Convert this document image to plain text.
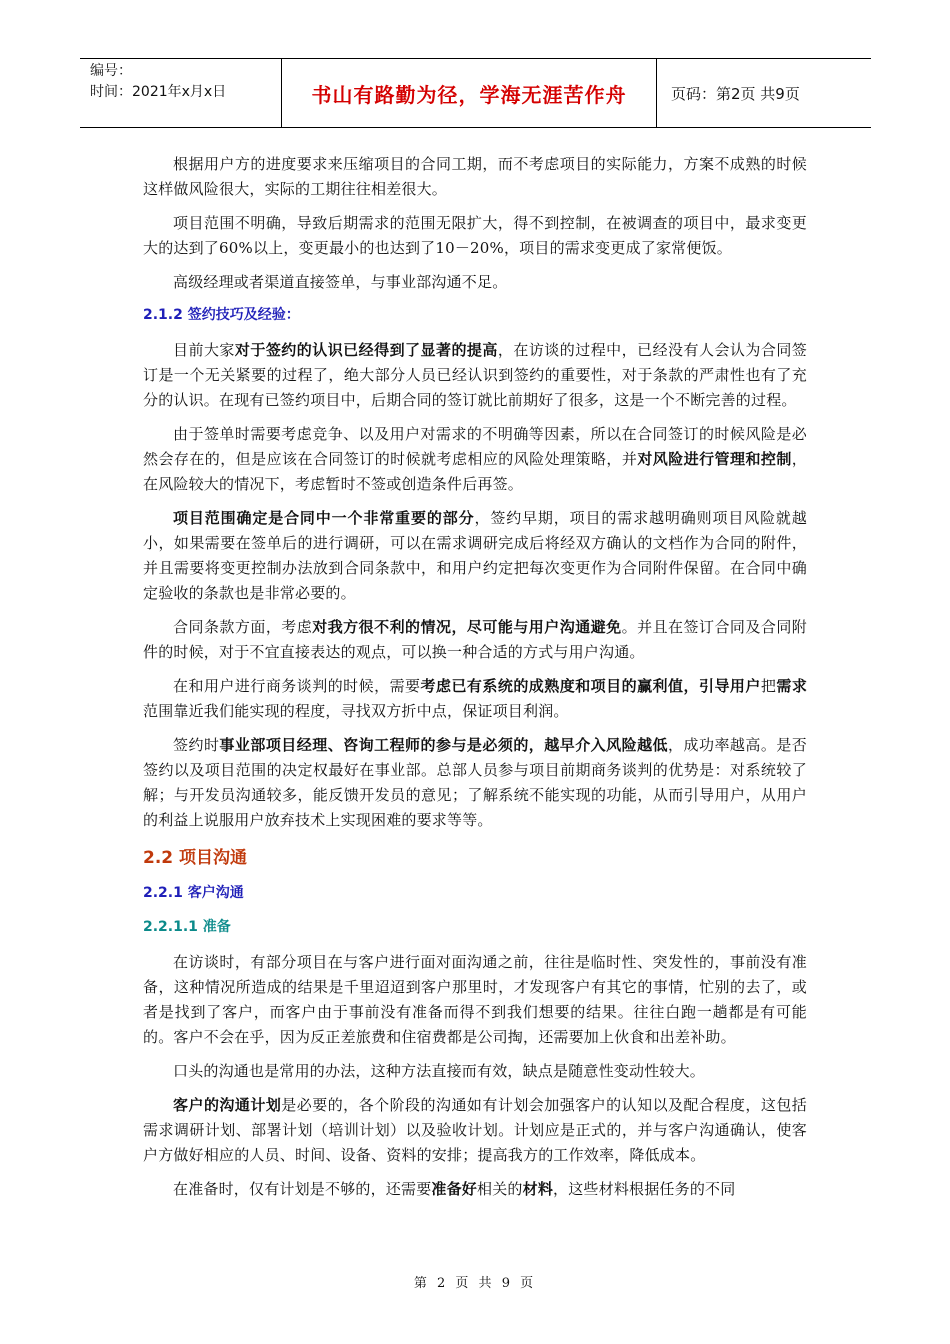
编号：
时间：2021年x月x日	书山有路勤为径，学海无涯苦作舟	页码：第2页 共9页

根据用户方的进度要求来压缩项目的合同工期，而不考虑项目的实际能力，方案不成熟的时候这样做风险很大，实际的工期往往相差很大。

项目范围不明确，导致后期需求的范围无限扩大，得不到控制，在被调查的项目中，最求变更大的达到了60%以上，变更最小的也达到了10－20%，项目的需求变更成了家常便饭。

高级经理或者渠道直接签单，与事业部沟通不足。

2.1.2 签约技巧及经验：

目前大家对于签约的认识已经得到了显著的提高，在访谈的过程中，已经没有人会认为合同签订是一个无关紧要的过程了，绝大部分人员已经认识到签约的重要性，对于条款的严肃性也有了充分的认识。在现有已签约项目中，后期合同的签订就比前期好了很多，这是一个不断完善的过程。

由于签单时需要考虑竞争、以及用户对需求的不明确等因素，所以在合同签订的时候风险是必然会存在的，但是应该在合同签订的时候就考虑相应的风险处理策略，并对风险进行管理和控制，在风险较大的情况下，考虑暂时不签或创造条件后再签。

项目范围确定是合同中一个非常重要的部分，签约早期，项目的需求越明确则项目风险就越小，如果需要在签单后的进行调研，可以在需求调研完成后将经双方确认的文档作为合同的附件，并且需要将变更控制办法放到合同条款中，和用户约定把每次变更作为合同附件保留。在合同中确定验收的条款也是非常必要的。

合同条款方面，考虑对我方很不利的情况，尽可能与用户沟通避免。并且在签订合同及合同附件的时候，对于不宜直接表达的观点，可以换一种合适的方式与用户沟通。

在和用户进行商务谈判的时候，需要考虑已有系统的成熟度和项目的赢利值，引导用户把需求范围靠近我们能实现的程度，寻找双方折中点，保证项目利润。

签约时事业部项目经理、咨询工程师的参与是必须的，越早介入风险越低，成功率越高。是否签约以及项目范围的决定权最好在事业部。总部人员参与项目前期商务谈判的优势是：对系统较了解；与开发员沟通较多，能反馈开发员的意见；了解系统不能实现的功能，从而引导用户，从用户的利益上说服用户放弃技术上实现困难的要求等等。

2.2 项目沟通
2.2.1 客户沟通
2.2.1.1 准备

在访谈时，有部分项目在与客户进行面对面沟通之前，往往是临时性、突发性的，事前没有准备，这种情况所造成的结果是千里迢迢到客户那里时，才发现客户有其它的事情，忙别的去了，或者是找到了客户，而客户由于事前没有准备而得不到我们想要的结果。往往白跑一趟都是有可能的。客户不会在乎，因为反正差旅费和住宿费都是公司掏，还需要加上伙食和出差补助。

口头的沟通也是常用的办法，这种方法直接而有效，缺点是随意性变动性较大。

客户的沟通计划是必要的，各个阶段的沟通如有计划会加强客户的认知以及配合程度，这包括需求调研计划、部署计划（培训计划）以及验收计划。计划应是正式的，并与客户沟通确认，使客户方做好相应的人员、时间、设备、资料的安排；提高我方的工作效率，降低成本。

在准备时，仅有计划是不够的，还需要准备好相关的材料，这些材料根据任务的不同

第 2 页 共 9 页
